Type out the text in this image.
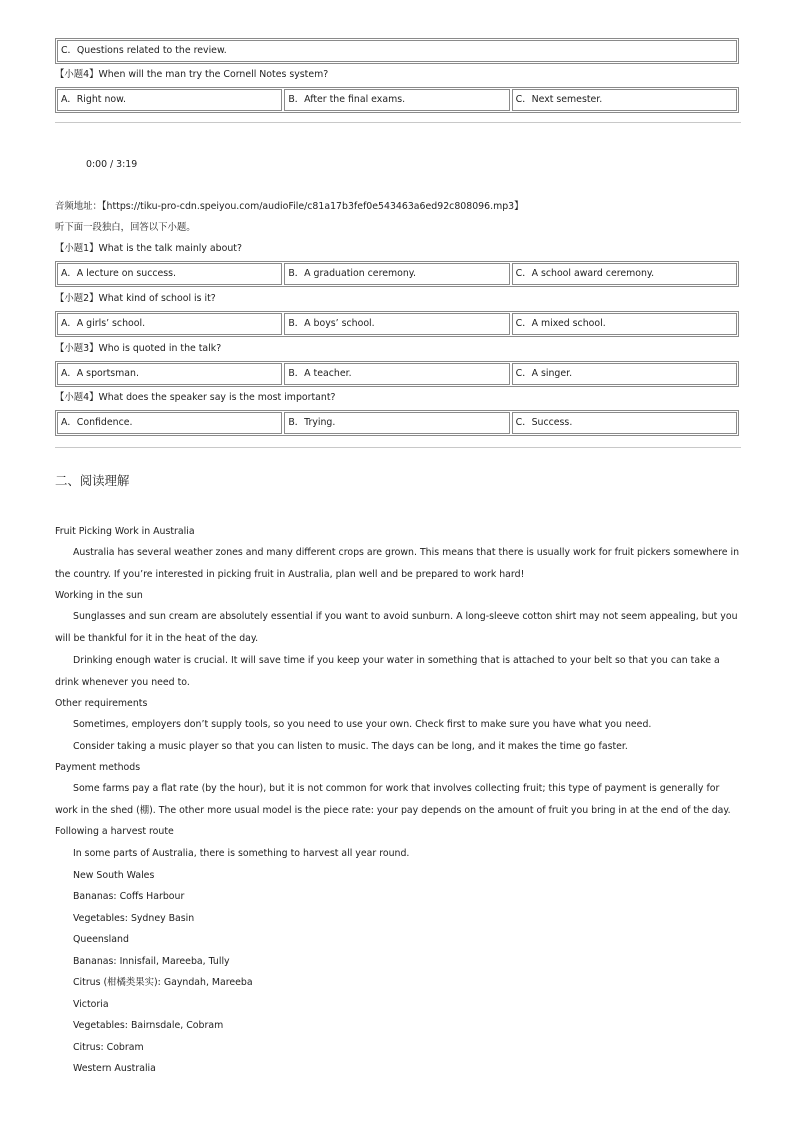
C．Questions related to the review.
【小题4】When will the man try the Cornell Notes system?
A．Right now.	B．After the final exams.	C．Next semester.
0:00 / 3:19
音频地址：【https://tiku-pro-cdn.speiyou.com/audioFile/c81a17b3fef0e543463a6ed92c808096.mp3】
听下面一段独白，回答以下小题。
【小题1】What is the talk mainly about?
A．A lecture on success.	B．A graduation ceremony.	C．A school award ceremony.
【小题2】What kind of school is it?
A．A girls’ school.	B．A boys’ school.	C．A mixed school.
【小题3】Who is quoted in the talk?
A．A sportsman.	B．A teacher.	C．A singer.
【小题4】What does the speaker say is the most important?
A．Confidence.	B．Trying.	C．Success.
二、阅读理解
Fruit Picking Work in Australia
Australia has several weather zones and many different crops are grown. This means that there is usually work for fruit pickers somewhere in the country. If you’re interested in picking fruit in Australia, plan well and be prepared to work hard!
Working in the sun
Sunglasses and sun cream are absolutely essential if you want to avoid sunburn. A long-sleeve cotton shirt may not seem appealing, but you will be thankful for it in the heat of the day.
Drinking enough water is crucial. It will save time if you keep your water in something that is attached to your belt so that you can take a drink whenever you need to.
Other requirements
Sometimes, employers don’t supply tools, so you need to use your own. Check first to make sure you have what you need.
Consider taking a music player so that you can listen to music. The days can be long, and it makes the time go faster.
Payment methods
Some farms pay a flat rate (by the hour), but it is not common for work that involves collecting fruit; this type of payment is generally for work in the shed (棚). The other more usual model is the piece rate: your pay depends on the amount of fruit you bring in at the end of the day.
Following a harvest route
In some parts of Australia, there is something to harvest all year round.
New South Wales
Bananas: Coffs Harbour
Vegetables: Sydney Basin
Queensland
Bananas: Innisfail, Mareeba, Tully
Citrus (柑橘类果实): Gayndah, Mareeba
Victoria
Vegetables: Bairnsdale, Cobram
Citrus: Cobram
Western Australia
